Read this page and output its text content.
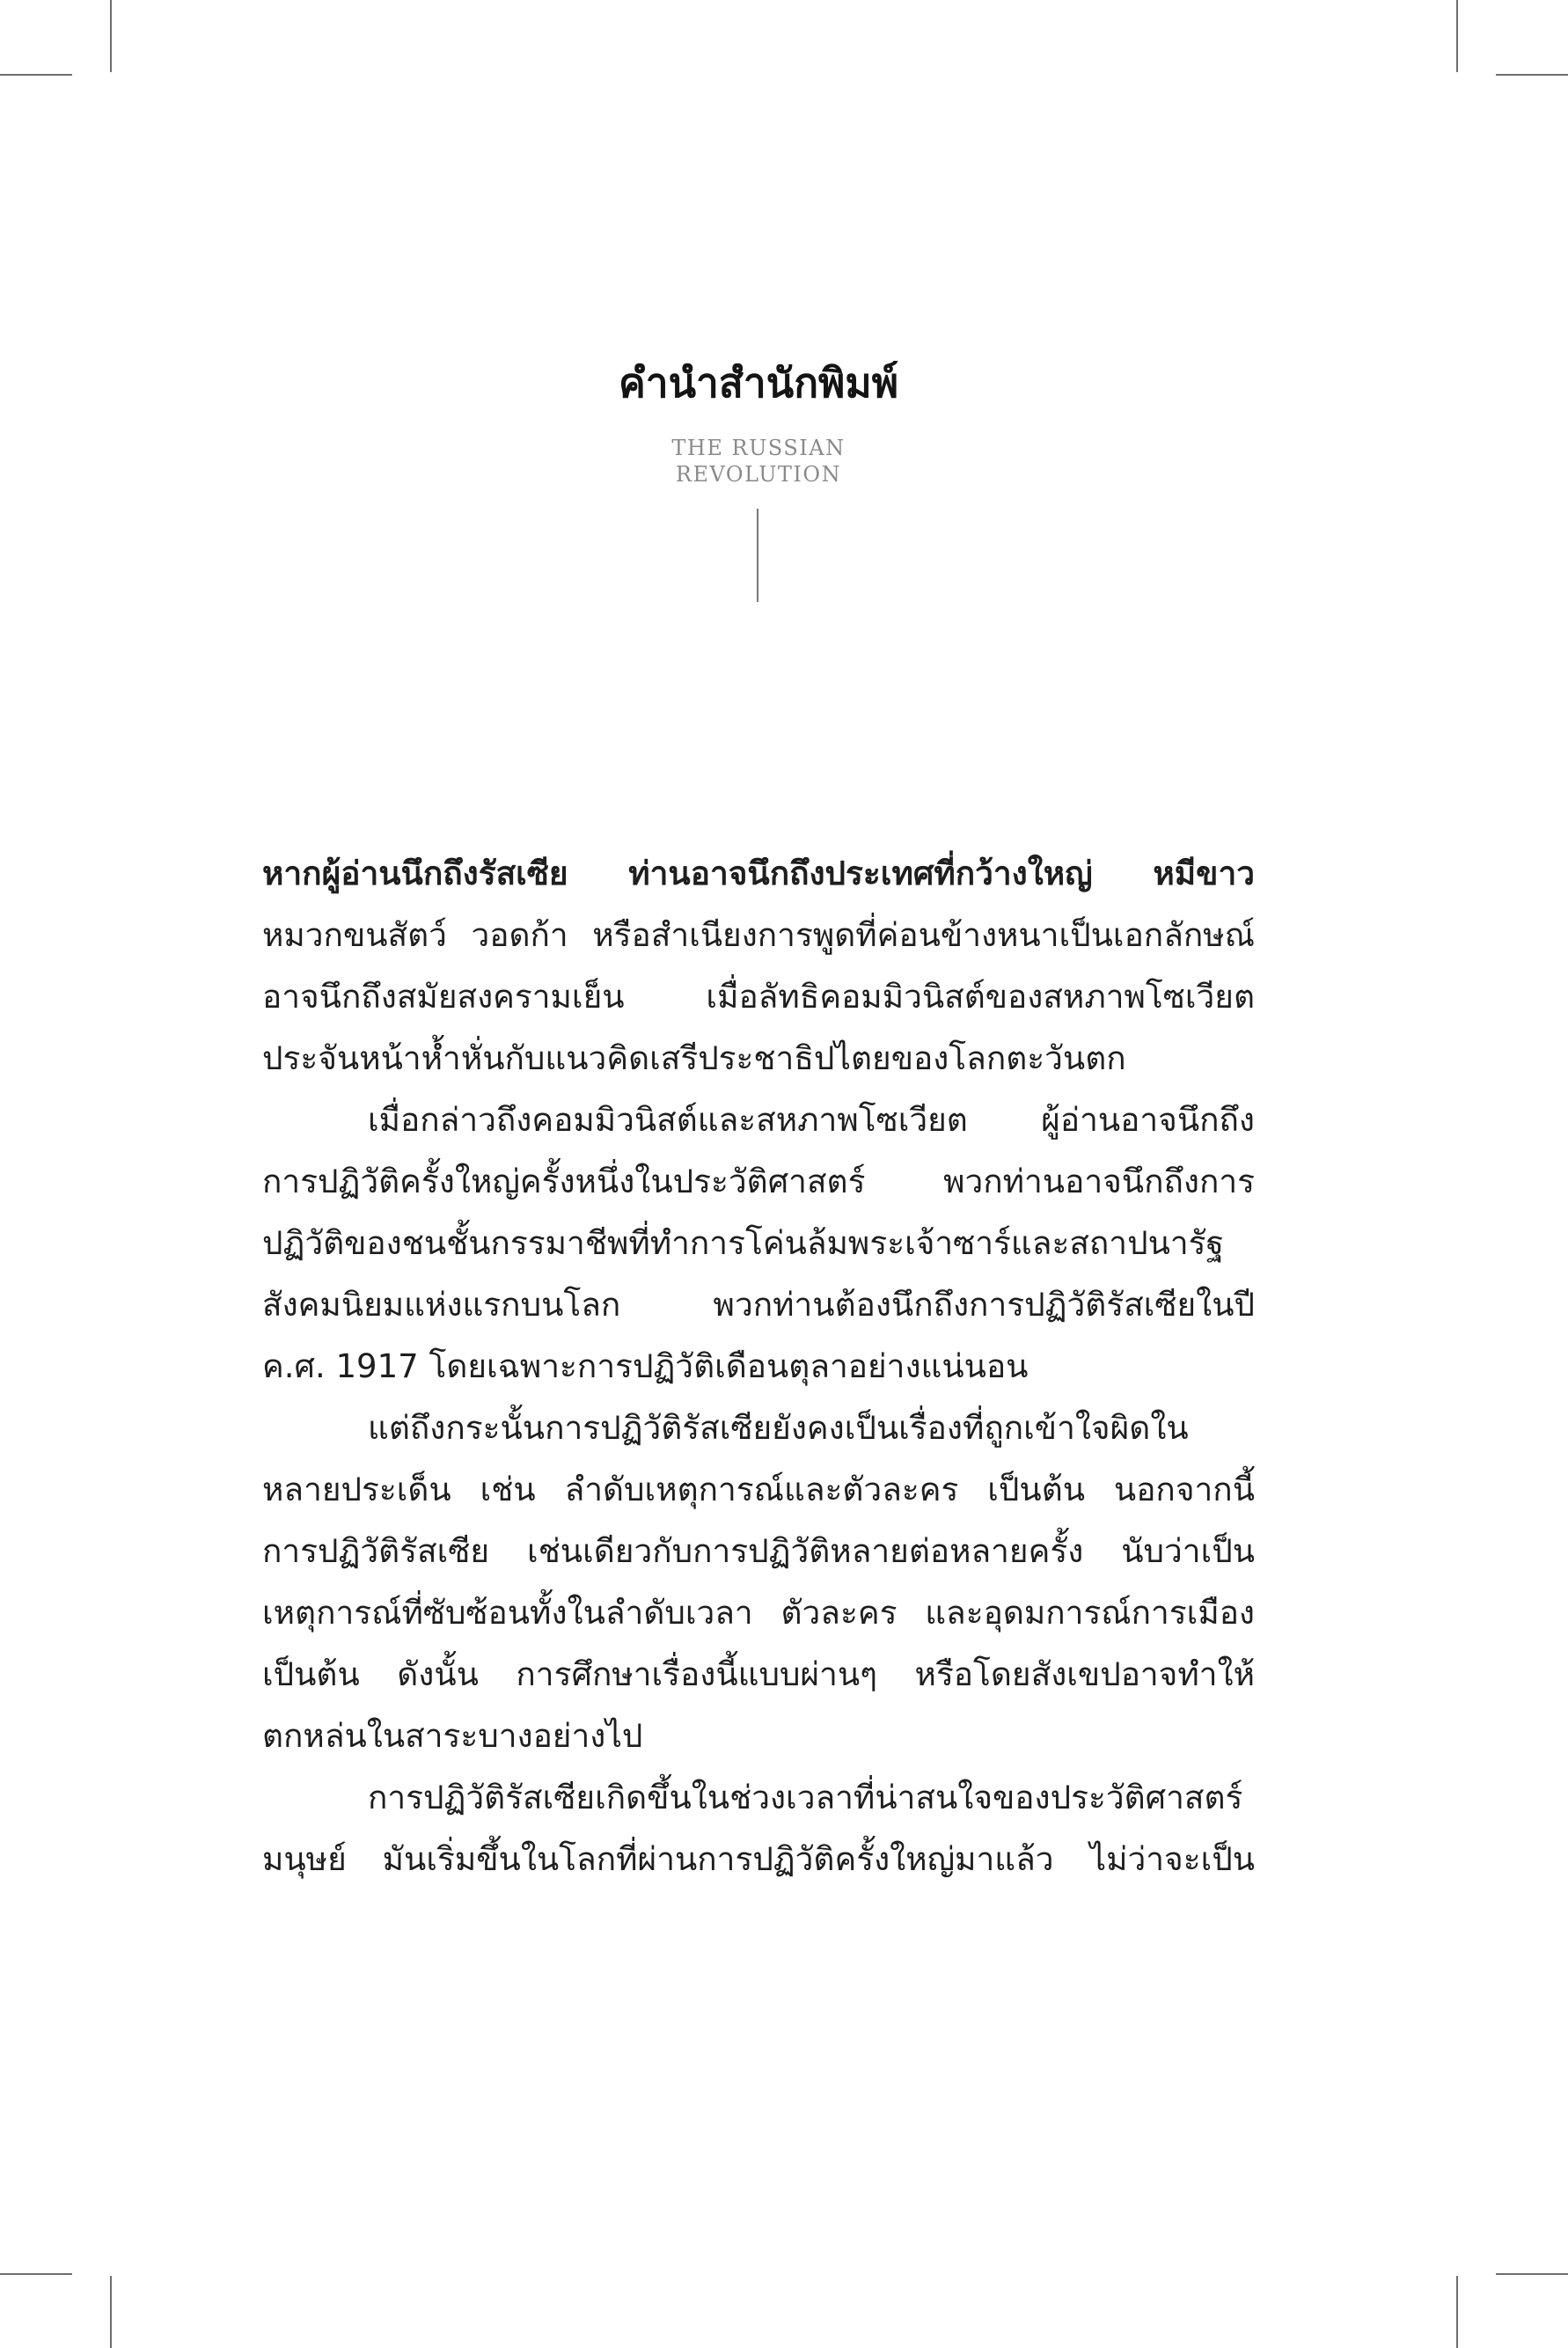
คำนำสำนักพิมพ์
THE RUSSIAN
REVOLUTION
หากผู้อ่านนึกถึงรัสเซีย ท่านอาจนึกถึงประเทศที่กว้างใหญ่ หมีขาว
หมวกขนสัตว์ วอดก้า หรือสำเนียงการพูดที่ค่อนข้างหนาเป็นเอกลักษณ์
อาจนึกถึงสมัยสงครามเย็น เมื่อลัทธิคอมมิวนิสต์ของสหภาพโซเวียต
ประจันหน้าห้ำหั่นกับแนวคิดเสรีประชาธิปไตยของโลกตะวันตก
เมื่อกล่าวถึงคอมมิวนิสต์และสหภาพโซเวียต ผู้อ่านอาจนึกถึง
การปฏิวัติครั้งใหญ่ครั้งหนึ่งในประวัติศาสตร์ พวกท่านอาจนึกถึงการ
ปฏิวัติของชนชั้นกรรมาชีพที่ทำการโค่นล้มพระเจ้าซาร์และสถาปนารัฐ
สังคมนิยมแห่งแรกบนโลก พวกท่านต้องนึกถึงการปฏิวัติรัสเซียในปี
ค.ศ. 1917 โดยเฉพาะการปฏิวัติเดือนตุลาอย่างแน่นอน
แต่ถึงกระนั้นการปฏิวัติรัสเซียยังคงเป็นเรื่องที่ถูกเข้าใจผิดใน
หลายประเด็น เช่น ลำดับเหตุการณ์และตัวละคร เป็นต้น นอกจากนี้
การปฏิวัติรัสเซีย เช่นเดียวกับการปฏิวัติหลายต่อหลายครั้ง นับว่าเป็น
เหตุการณ์ที่ซับซ้อนทั้งในลำดับเวลา ตัวละคร และอุดมการณ์การเมือง
เป็นต้น ดังนั้น การศึกษาเรื่องนี้แบบผ่านๆ หรือโดยสังเขปอาจทำให้
ตกหล่นในสาระบางอย่างไป
การปฏิวัติรัสเซียเกิดขึ้นในช่วงเวลาที่น่าสนใจของประวัติศาสตร์
มนุษย์ มันเริ่มขึ้นในโลกที่ผ่านการปฏิวัติครั้งใหญ่มาแล้ว ไม่ว่าจะเป็น
